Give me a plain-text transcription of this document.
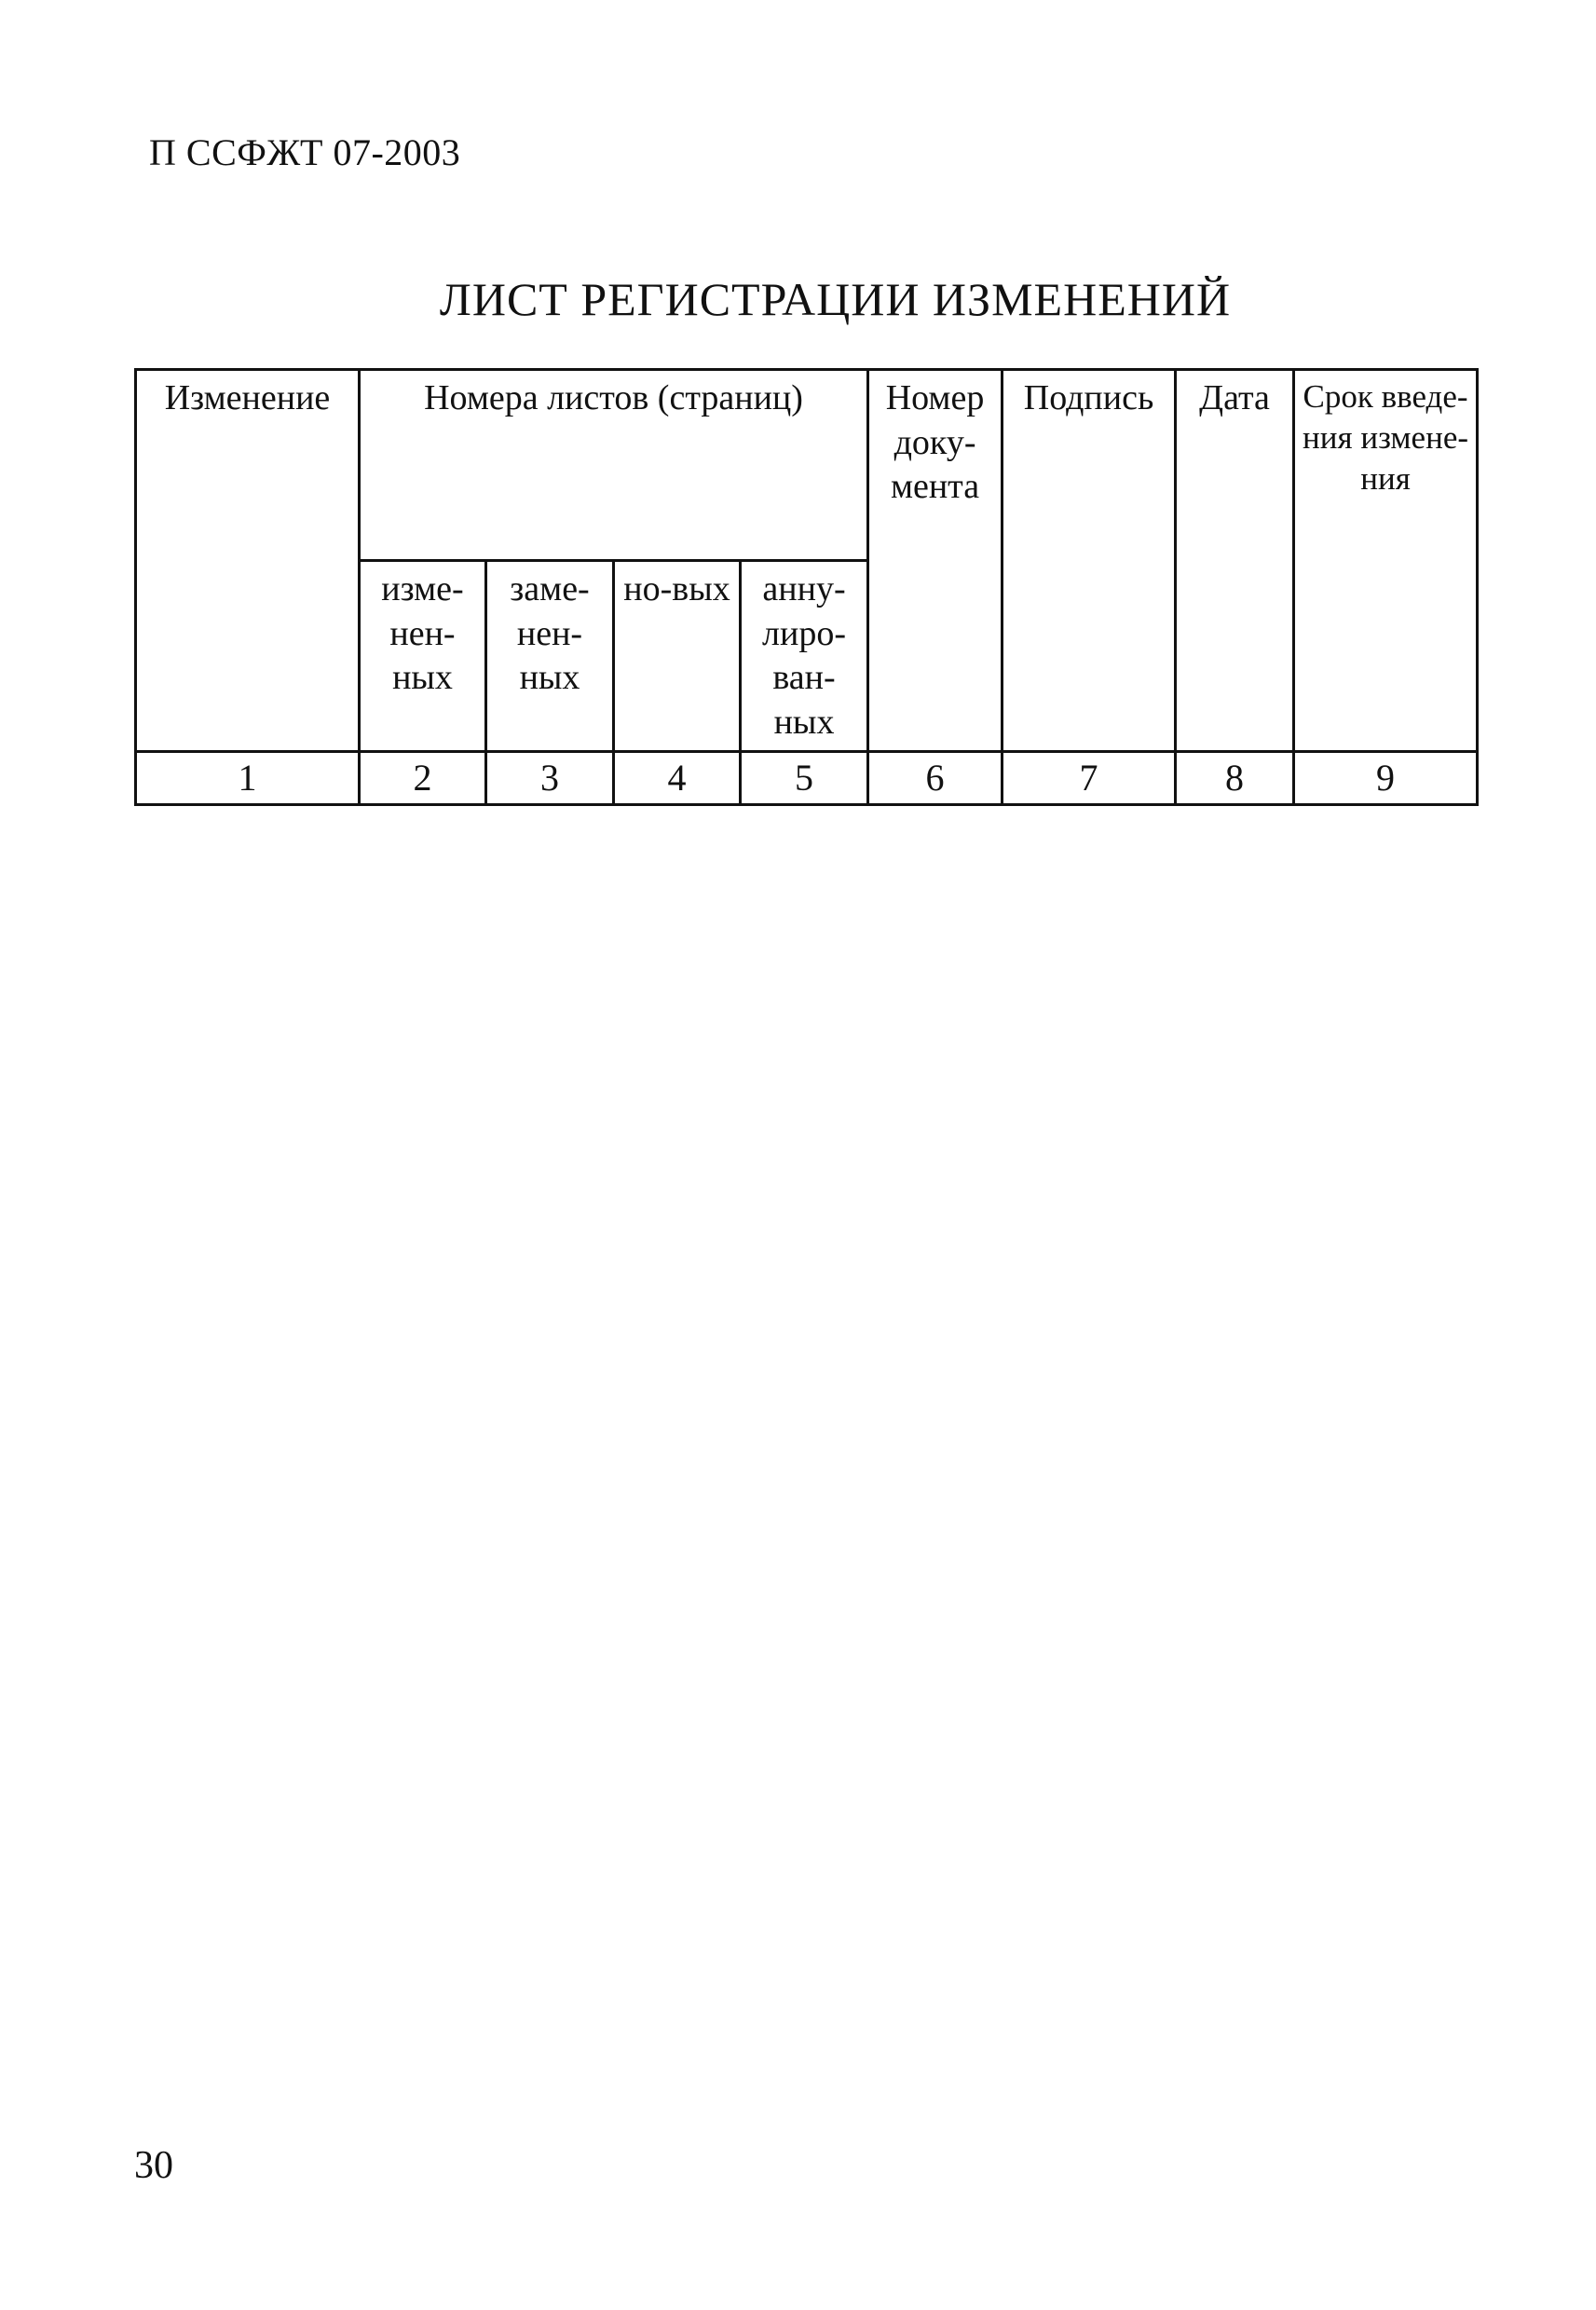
П ССФЖТ 07-2003
ЛИСТ РЕГИСТРАЦИИ ИЗМЕНЕНИЙ
Изменение	Номера листов (страниц)				Номер доку-мента	Подпись	Дата	Срок введе-ния измене-ния
	изме-нен-ных	заме-нен-ных	но-вых	анну-лиро-ван-ных				
1	2	3	4	5	6	7	8	9
30
